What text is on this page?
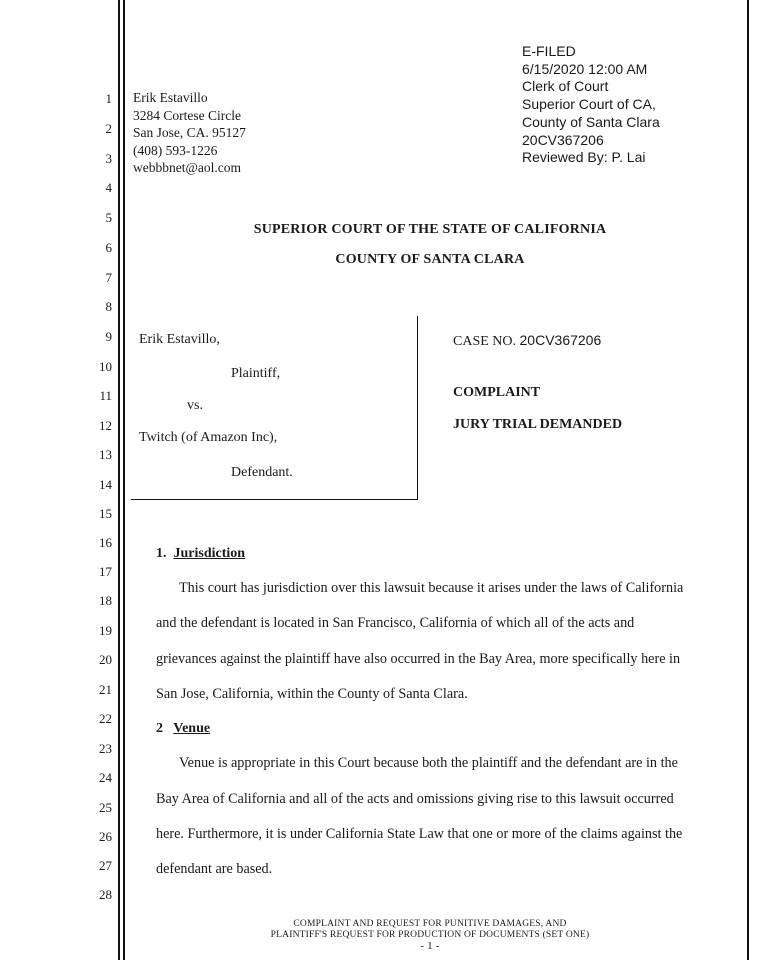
1
2
3
4
5
6
7
8
9
10
11
12
13
14
15
16
17
18
19
20
21
22
23
24
25
26
27
28
Erik Estavillo
3284 Cortese Circle
San Jose, CA. 95127
(408) 593-1226
webbbnet@aol.com
E-FILED
6/15/2020 12:00 AM
Clerk of Court
Superior Court of CA,
County of Santa Clara
20CV367206
Reviewed By: P. Lai
SUPERIOR COURT OF THE STATE OF CALIFORNIA
COUNTY OF SANTA CLARA
Erik Estavillo,
Plaintiff,
vs.
Twitch (of Amazon Inc),
Defendant.
CASE NO. 20CV367206
COMPLAINT
JURY TRIAL DEMANDED
1. Jurisdiction
This court has jurisdiction over this lawsuit because it arises under the laws of California
and the defendant is located in San Francisco, California of which all of the acts and
grievances against the plaintiff have also occurred in the Bay Area, more specifically here in
San Jose, California, within the County of Santa Clara.
2 Venue
Venue is appropriate in this Court because both the plaintiff and the defendant are in the
Bay Area of California and all of the acts and omissions giving rise to this lawsuit occurred
here. Furthermore, it is under California State Law that one or more of the claims against the
defendant are based.
COMPLAINT AND REQUEST FOR PUNITIVE DAMAGES, AND
PLAINTIFF'S REQUEST FOR PRODUCTION OF DOCUMENTS (SET ONE)
- 1 -
